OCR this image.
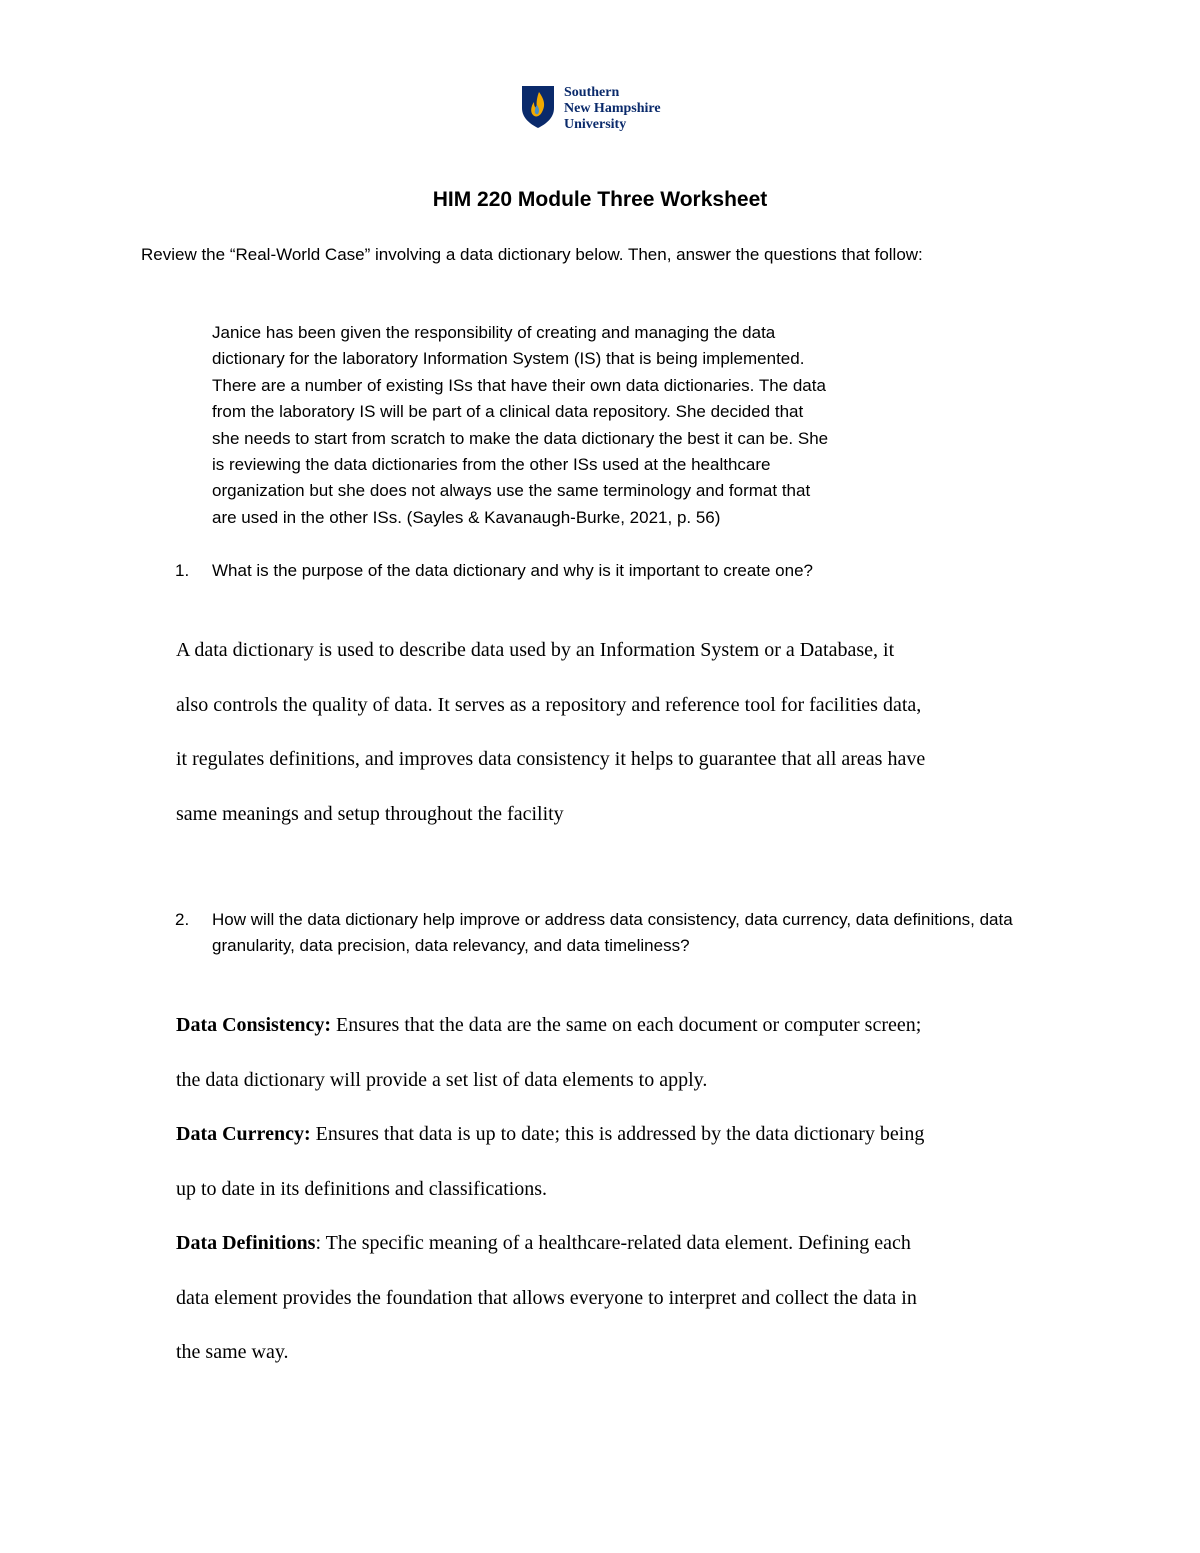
Southern
New Hampshire
University
HIM 220 Module Three Worksheet
Review the “Real-World Case” involving a data dictionary below. Then, answer the questions that follow:
Janice has been given the responsibility of creating and managing the data
dictionary for the laboratory Information System (IS) that is being implemented.
There are a number of existing ISs that have their own data dictionaries. The data
from the laboratory IS will be part of a clinical data repository. She decided that
she needs to start from scratch to make the data dictionary the best it can be. She
is reviewing the data dictionaries from the other ISs used at the healthcare
organization but she does not always use the same terminology and format that
are used in the other ISs. (Sayles & Kavanaugh-Burke, 2021, p. 56)
1.	What is the purpose of the data dictionary and why is it important to create one?
A data dictionary is used to describe data used by an Information System or a Database, it
also controls the quality of data. It serves as a repository and reference tool for facilities data,
it regulates definitions, and improves data consistency it helps to guarantee that all areas have
same meanings and setup throughout the facility
2.	How will the data dictionary help improve or address data consistency, data currency, data definitions, data granularity, data precision, data relevancy, and data timeliness?
Data Consistency: Ensures that the data are the same on each document or computer screen;
the data dictionary will provide a set list of data elements to apply.
Data Currency: Ensures that data is up to date; this is addressed by the data dictionary being
up to date in its definitions and classifications.
Data Definitions: The specific meaning of a healthcare-related data element. Defining each
data element provides the foundation that allows everyone to interpret and collect the data in
the same way.
